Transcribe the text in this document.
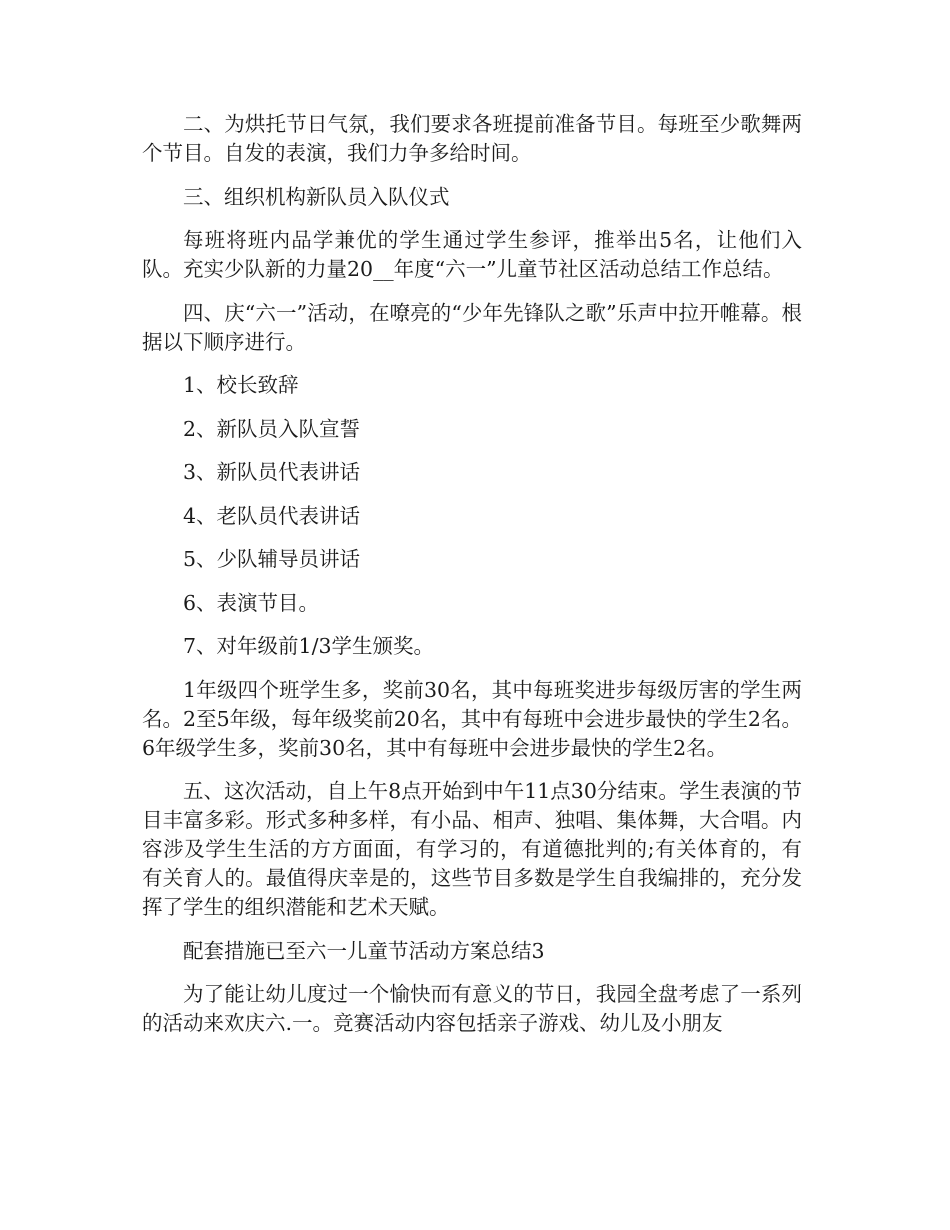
二、为烘托节日气氛，我们要求各班提前准备节目。每班至少歌舞两个节目。自发的表演，我们力争多给时间。

三、组织机构新队员入队仪式

每班将班内品学兼优的学生通过学生参评，推举出5名，让他们入队。充实少队新的力量20__年度“六一”儿童节社区活动总结工作总结。

四、庆“六一”活动，在嘹亮的“少年先锋队之歌”乐声中拉开帷幕。根据以下顺序进行。

1、校长致辞

2、新队员入队宣誓

3、新队员代表讲话

4、老队员代表讲话

5、少队辅导员讲话

6、表演节目。

7、对年级前1/3学生颁奖。

1年级四个班学生多，奖前30名，其中每班奖进步每级厉害的学生两名。2至5年级，每年级奖前20名，其中有每班中会进步最快的学生2名。6年级学生多，奖前30名，其中有每班中会进步最快的学生2名。

五、这次活动，自上午8点开始到中午11点30分结束。学生表演的节目丰富多彩。形式多种多样，有小品、相声、独唱、集体舞，大合唱。内容涉及学生生活的方方面面，有学习的，有道德批判的;有关体育的，有有关育人的。最值得庆幸是的，这些节目多数是学生自我编排的，充分发挥了学生的组织潜能和艺术天赋。

配套措施已至六一儿童节活动方案总结3

为了能让幼儿度过一个愉快而有意义的节日，我园全盘考虑了一系列的活动来欢庆六.一。竞赛活动内容包括亲子游戏、幼儿及小朋友
